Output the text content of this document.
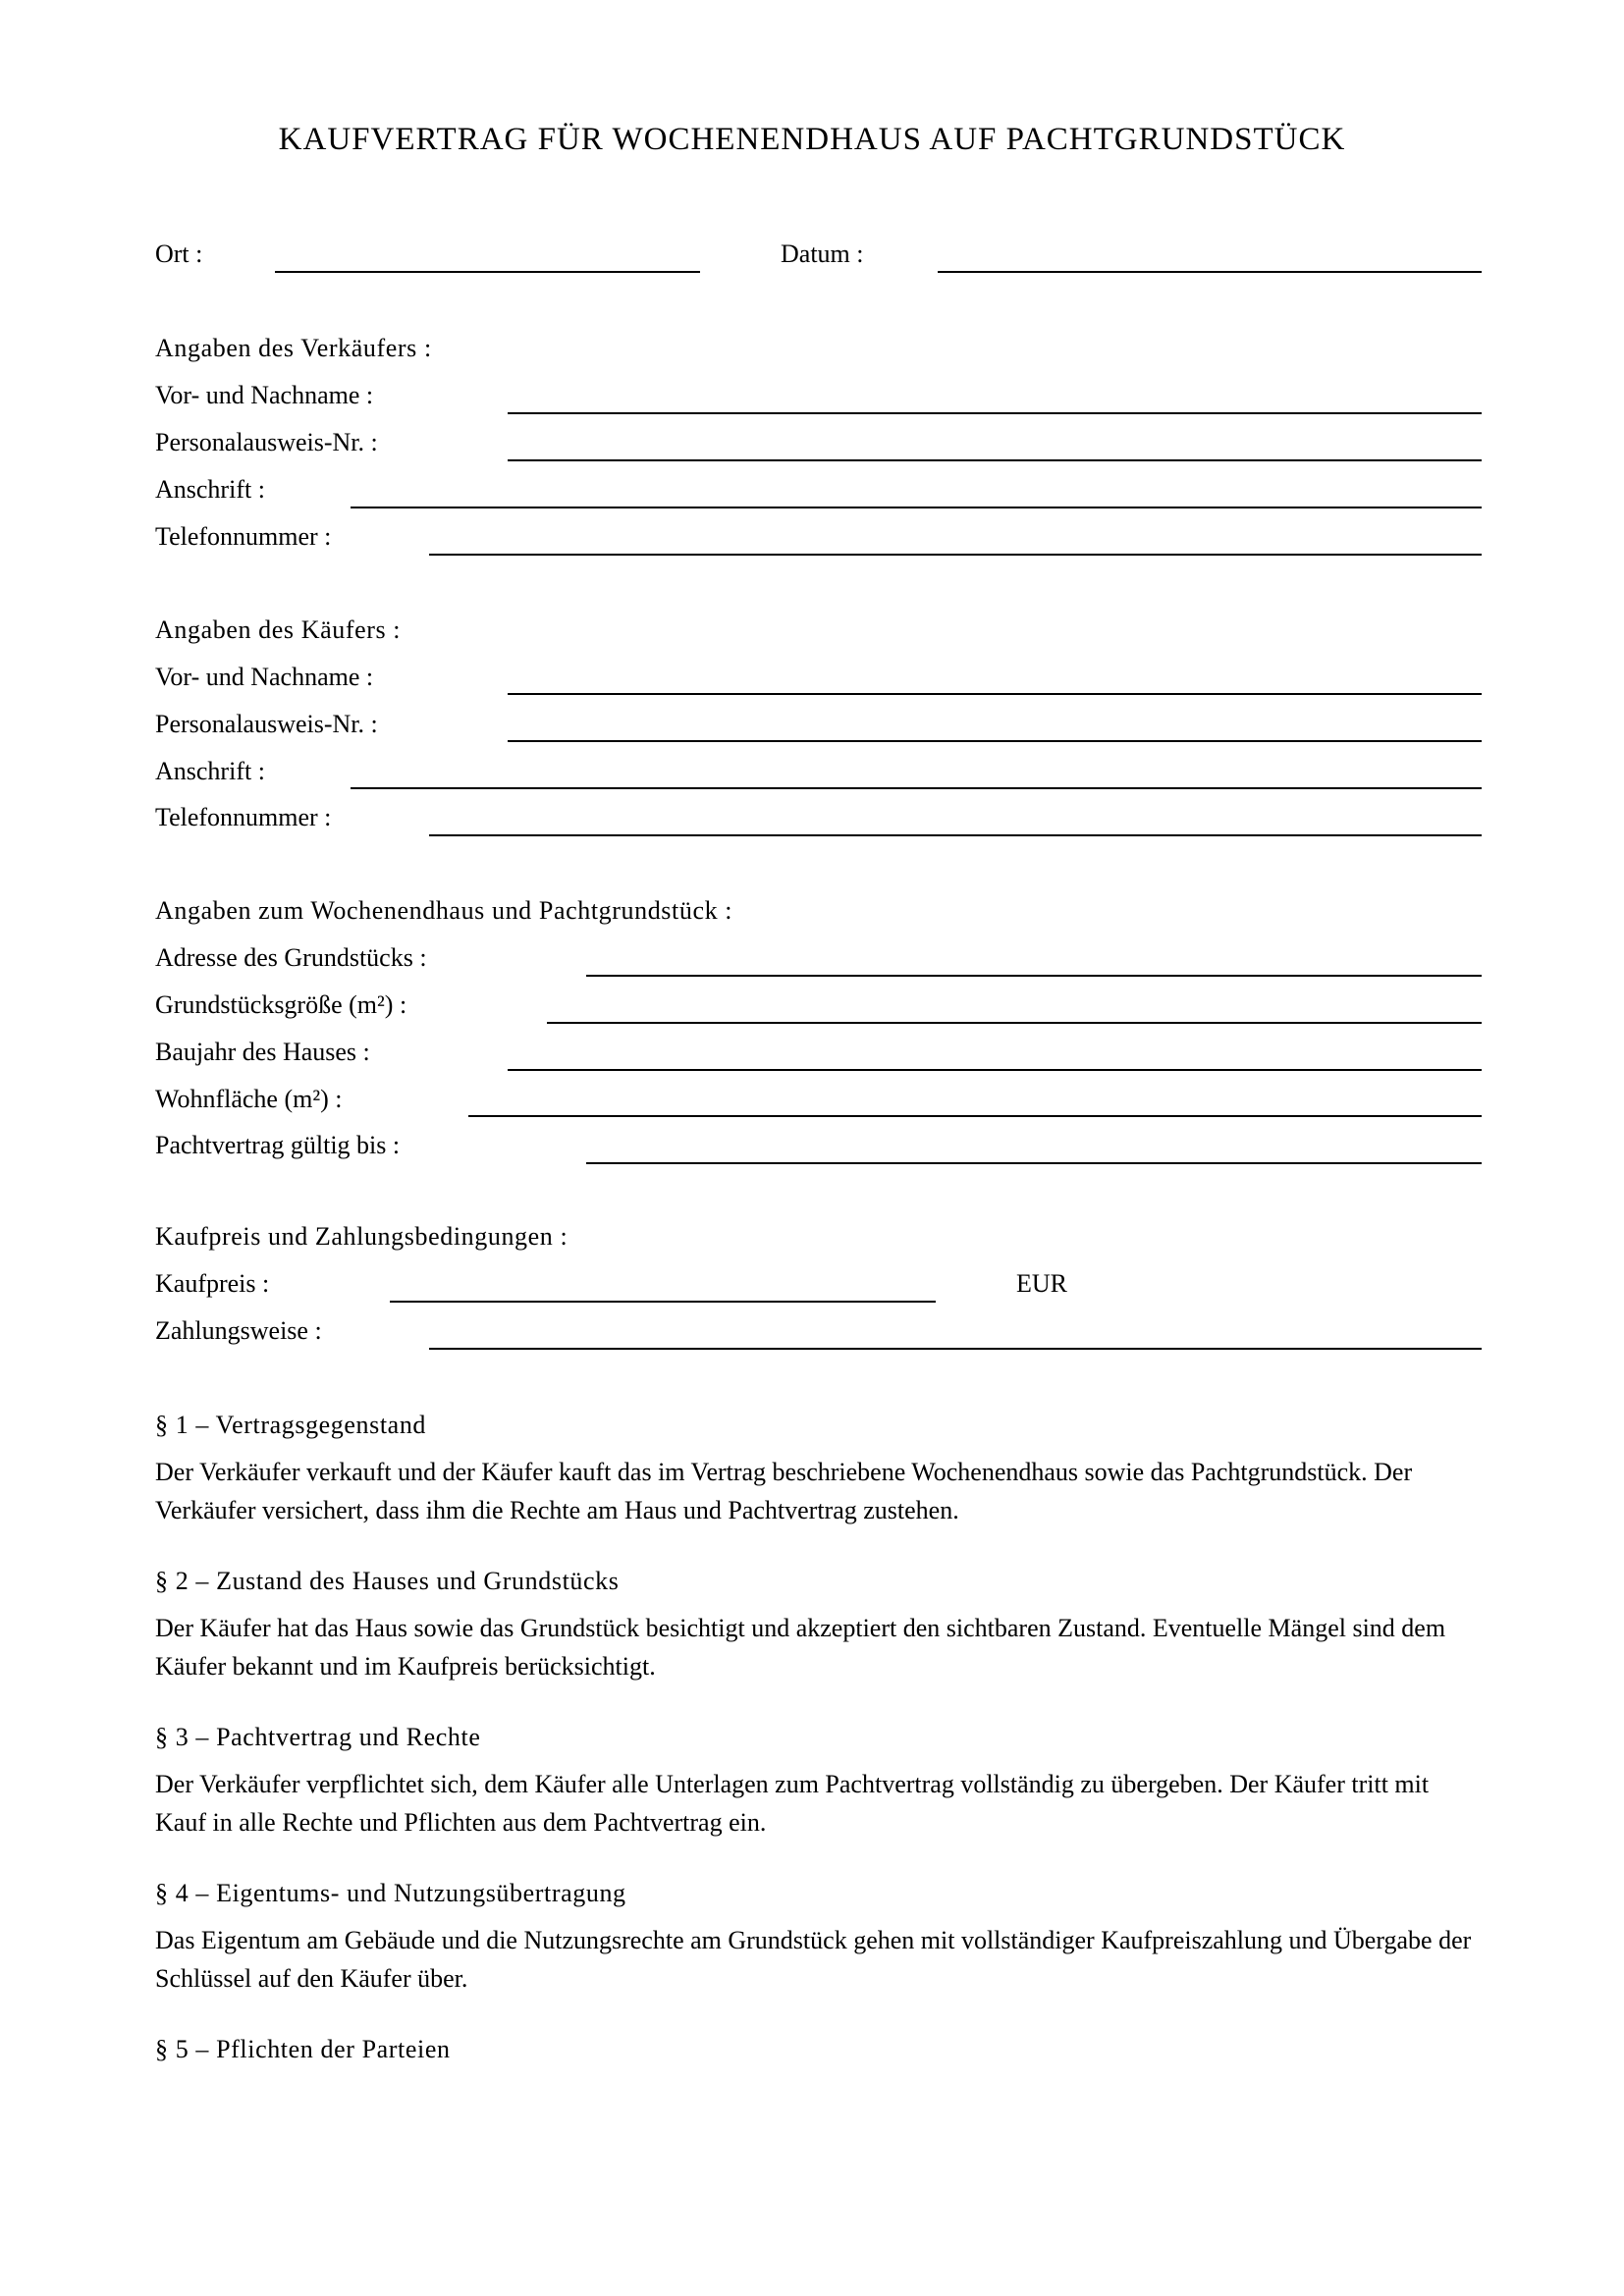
KAUFVERTRAG FÜR WOCHENENDHAUS AUF PACHTGRUNDSTÜCK
Ort :	Datum :
Angaben des Verkäufers :
Vor- und Nachname :
Personalausweis-Nr. :
Anschrift :
Telefonnummer :
Angaben des Käufers :
Vor- und Nachname :
Personalausweis-Nr. :
Anschrift :
Telefonnummer :
Angaben zum Wochenendhaus und Pachtgrundstück :
Adresse des Grundstücks :
Grundstücksgröße (m²) :
Baujahr des Hauses :
Wohnfläche (m²) :
Pachtvertrag gültig bis :
Kaufpreis und Zahlungsbedingungen :
Kaufpreis :	EUR
Zahlungsweise :
§ 1 – Vertragsgegenstand
Der Verkäufer verkauft und der Käufer kauft das im Vertrag beschriebene Wochenendhaus sowie das Pachtgrundstück. Der Verkäufer versichert, dass ihm die Rechte am Haus und Pachtvertrag zustehen.
§ 2 – Zustand des Hauses und Grundstücks
Der Käufer hat das Haus sowie das Grundstück besichtigt und akzeptiert den sichtbaren Zustand. Eventuelle Mängel sind dem Käufer bekannt und im Kaufpreis berücksichtigt.
§ 3 – Pachtvertrag und Rechte
Der Verkäufer verpflichtet sich, dem Käufer alle Unterlagen zum Pachtvertrag vollständig zu übergeben. Der Käufer tritt mit Kauf in alle Rechte und Pflichten aus dem Pachtvertrag ein.
§ 4 – Eigentums- und Nutzungsübertragung
Das Eigentum am Gebäude und die Nutzungsrechte am Grundstück gehen mit vollständiger Kaufpreiszahlung und Übergabe der Schlüssel auf den Käufer über.
§ 5 – Pflichten der Parteien
